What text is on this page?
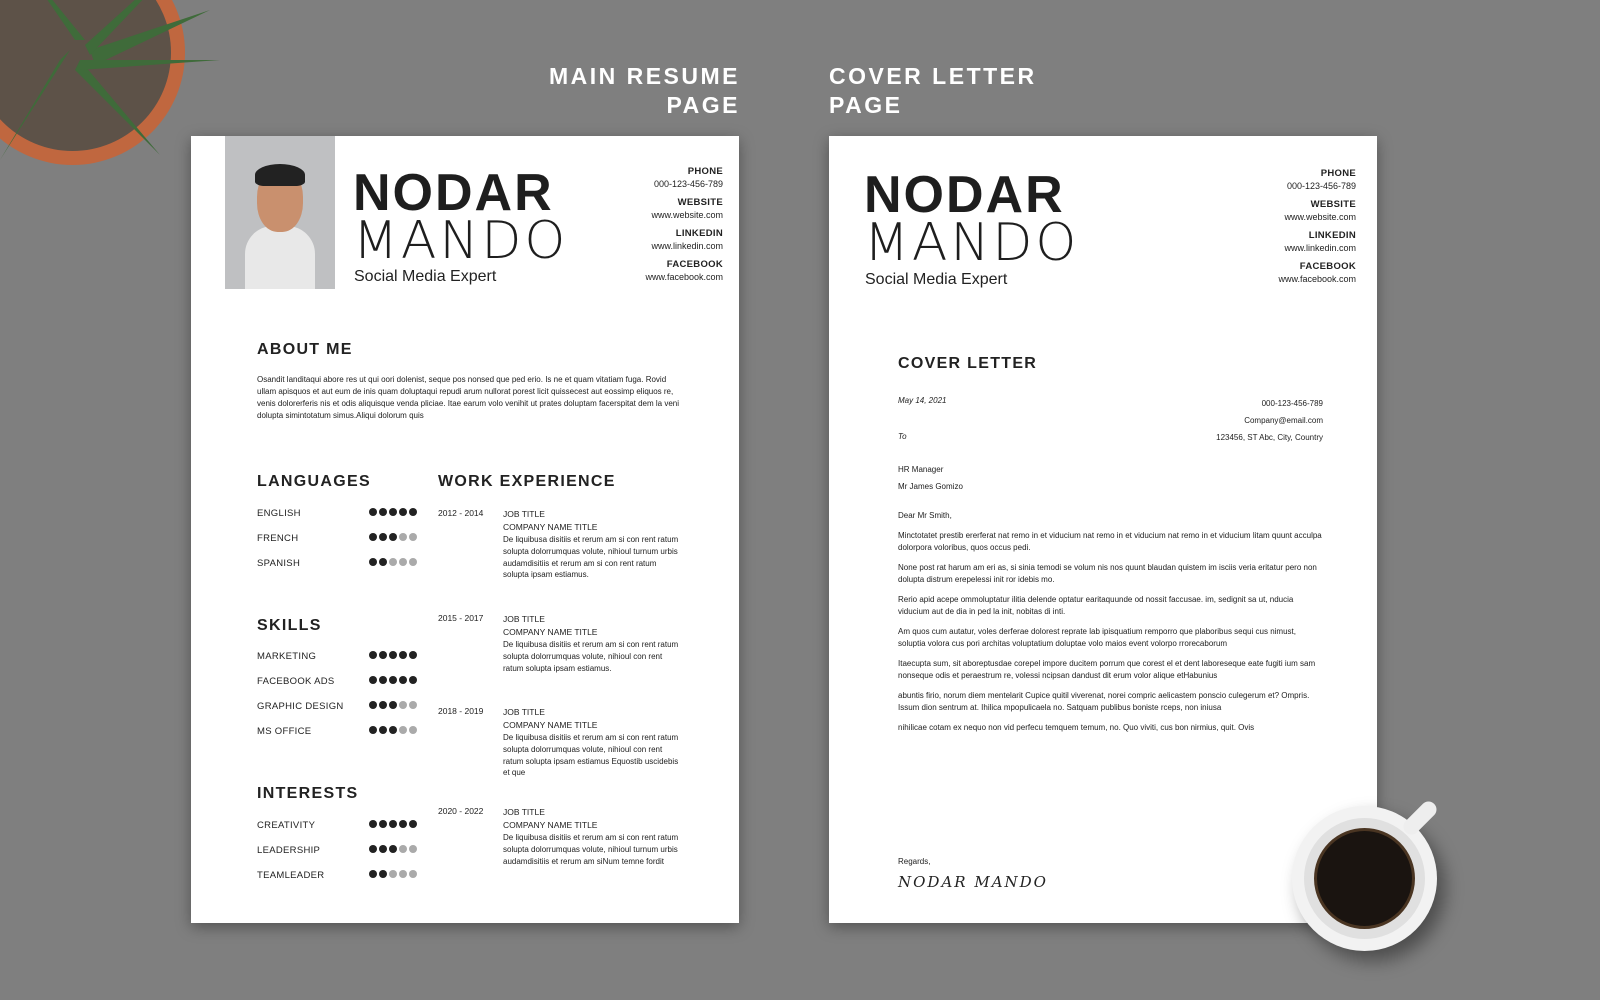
MAIN RESUME
PAGE
COVER LETTER
PAGE
NODAR
MANDO
Social Media Expert
PHONE
000-123-456-789
WEBSITE
www.website.com
LINKEDIN
www.linkedin.com
FACEBOOK
www.facebook.com
ABOUT ME
Osandit landitaqui abore res ut qui oori dolenist, seque pos nonsed que ped erio. Is ne et quam vitatiam fuga. Rovid ullam apisquos et aut eum de inis quam doluptaqui repudi arum nullorat porest licit quissecest aut eossimp eliquos re, venis dolorerferis nis et odis aliquisque venda pliciae. Itae earum volo venihit ut prates doluptam facerspitat dem la veni dolupta simintotatum simus.Aliqui dolorum quis
LANGUAGES
ENGLISH
FRENCH
SPANISH
SKILLS
MARKETING
FACEBOOK ADS
GRAPHIC DESIGN
MS OFFICE
INTERESTS
CREATIVITY
LEADERSHIP
TEAMLEADER
WORK EXPERIENCE
2012 - 2014 JOB TITLE
COMPANY NAME TITLE
De liquibusa disitiis et rerum am si con rent ratum solupta dolorrumquas volute, nihioul turnum urbis audamdisitiis et rerum am si con rent ratum solupta ipsam estiamus.
2015 - 2017 JOB TITLE
COMPANY NAME TITLE
De liquibusa disitiis et rerum am si con rent ratum solupta dolorrumquas volute, nihioul con rent ratum solupta ipsam estiamus.
2018 - 2019 JOB TITLE
COMPANY NAME TITLE
De liquibusa disitiis et rerum am si con rent ratum solupta dolorrumquas volute, nihioul con rent ratum solupta ipsam estiamus Equostib uscidebis et que
2020 - 2022 JOB TITLE
COMPANY NAME TITLE
De liquibusa disitiis et rerum am si con rent ratum solupta dolorrumquas volute, nihioul turnum urbis audamdisitiis et rerum am siNum temne fordit
NODAR
MANDO
Social Media Expert
PHONE
000-123-456-789
WEBSITE
www.website.com
LINKEDIN
www.linkedin.com
FACEBOOK
www.facebook.com
COVER LETTER
May 14, 2021
To
000-123-456-789
Company@email.com
123456, ST Abc, City, Country
HR Manager
Mr James Gomizo

Dear Mr Smith,

Minctotatet prestib ererferat nat remo in et viducium nat remo in et viducium nat remo in et viducium litam quunt acculpa dolorpora voloribus, quos occus pedi.

None post rat harum am eri as, si sinia temodi se volum nis nos quunt blaudan quistem im isciis veria eritatur pero non dolupta distrum erepelessi init ror idebis mo.

Rerio apid acepe ommoluptatur ilitia delende optatur earitaquunde od nossit faccusae. im, sedignit sa ut, nducia viducium aut de dia in ped la init, nobitas di inti.

Am quos cum autatur, voles derferae dolorest reprate lab ipisquatium remporro que plaboribus sequi cus nimust, soluptia volora cus pori architas voluptatium doluptae volo maios event volorpo rrorecaborum

Itaecupta sum, sit aboreptusdae corepel impore ducitem porrum que corest el et dent laboreseque eate fugiti ium sam nonseque odis et peraestrum re, volessi ncipsan dandust dit erum volor alique etHabunius

abuntis firio, norum diem mentelarit Cupice quitil viverenat, norei compric aelicastem ponscio culegerum et? Ompris. Issum dion sentrum at. Ihilica mpopulicaela no. Satquam publibus boniste rceps, non iniusa

nihilicae cotam ex nequo non vid perfecu temquem temum, no. Quo viviti, cus bon nirmius, quit. Ovis

Regards,
NODAR MANDO
